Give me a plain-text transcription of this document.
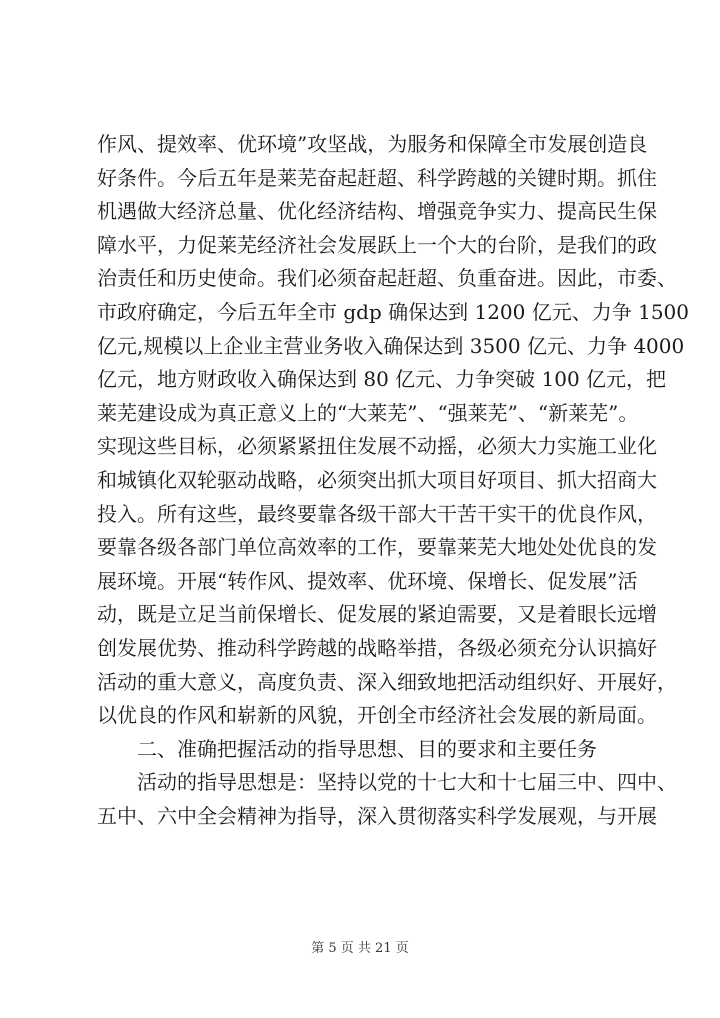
作风、提效率、优环境”攻坚战，为服务和保障全市发展创造良
好条件。今后五年是莱芜奋起赶超、科学跨越的关键时期。抓住
机遇做大经济总量、优化经济结构、增强竞争实力、提高民生保
障水平，力促莱芜经济社会发展跃上一个大的台阶，是我们的政
治责任和历史使命。我们必须奋起赶超、负重奋进。因此，市委、
市政府确定，今后五年全市 gdp 确保达到 1200 亿元、力争 1500
亿元,规模以上企业主营业务收入确保达到 3500 亿元、力争 4000
亿元，地方财政收入确保达到 80 亿元、力争突破 100 亿元，把
莱芜建设成为真正意义上的“大莱芜”、“强莱芜”、“新莱芜”。
实现这些目标，必须紧紧扭住发展不动摇，必须大力实施工业化
和城镇化双轮驱动战略，必须突出抓大项目好项目、抓大招商大
投入。所有这些，最终要靠各级干部大干苦干实干的优良作风，
要靠各级各部门单位高效率的工作，要靠莱芜大地处处优良的发
展环境。开展“转作风、提效率、优环境、保增长、促发展”活
动，既是立足当前保增长、促发展的紧迫需要，又是着眼长远增
创发展优势、推动科学跨越的战略举措，各级必须充分认识搞好
活动的重大意义，高度负责、深入细致地把活动组织好、开展好，
以优良的作风和崭新的风貌，开创全市经济社会发展的新局面。
二、准确把握活动的指导思想、目的要求和主要任务
活动的指导思想是：坚持以党的十七大和十七届三中、四中、
五中、六中全会精神为指导，深入贯彻落实科学发展观，与开展
第 5 页 共 21 页
